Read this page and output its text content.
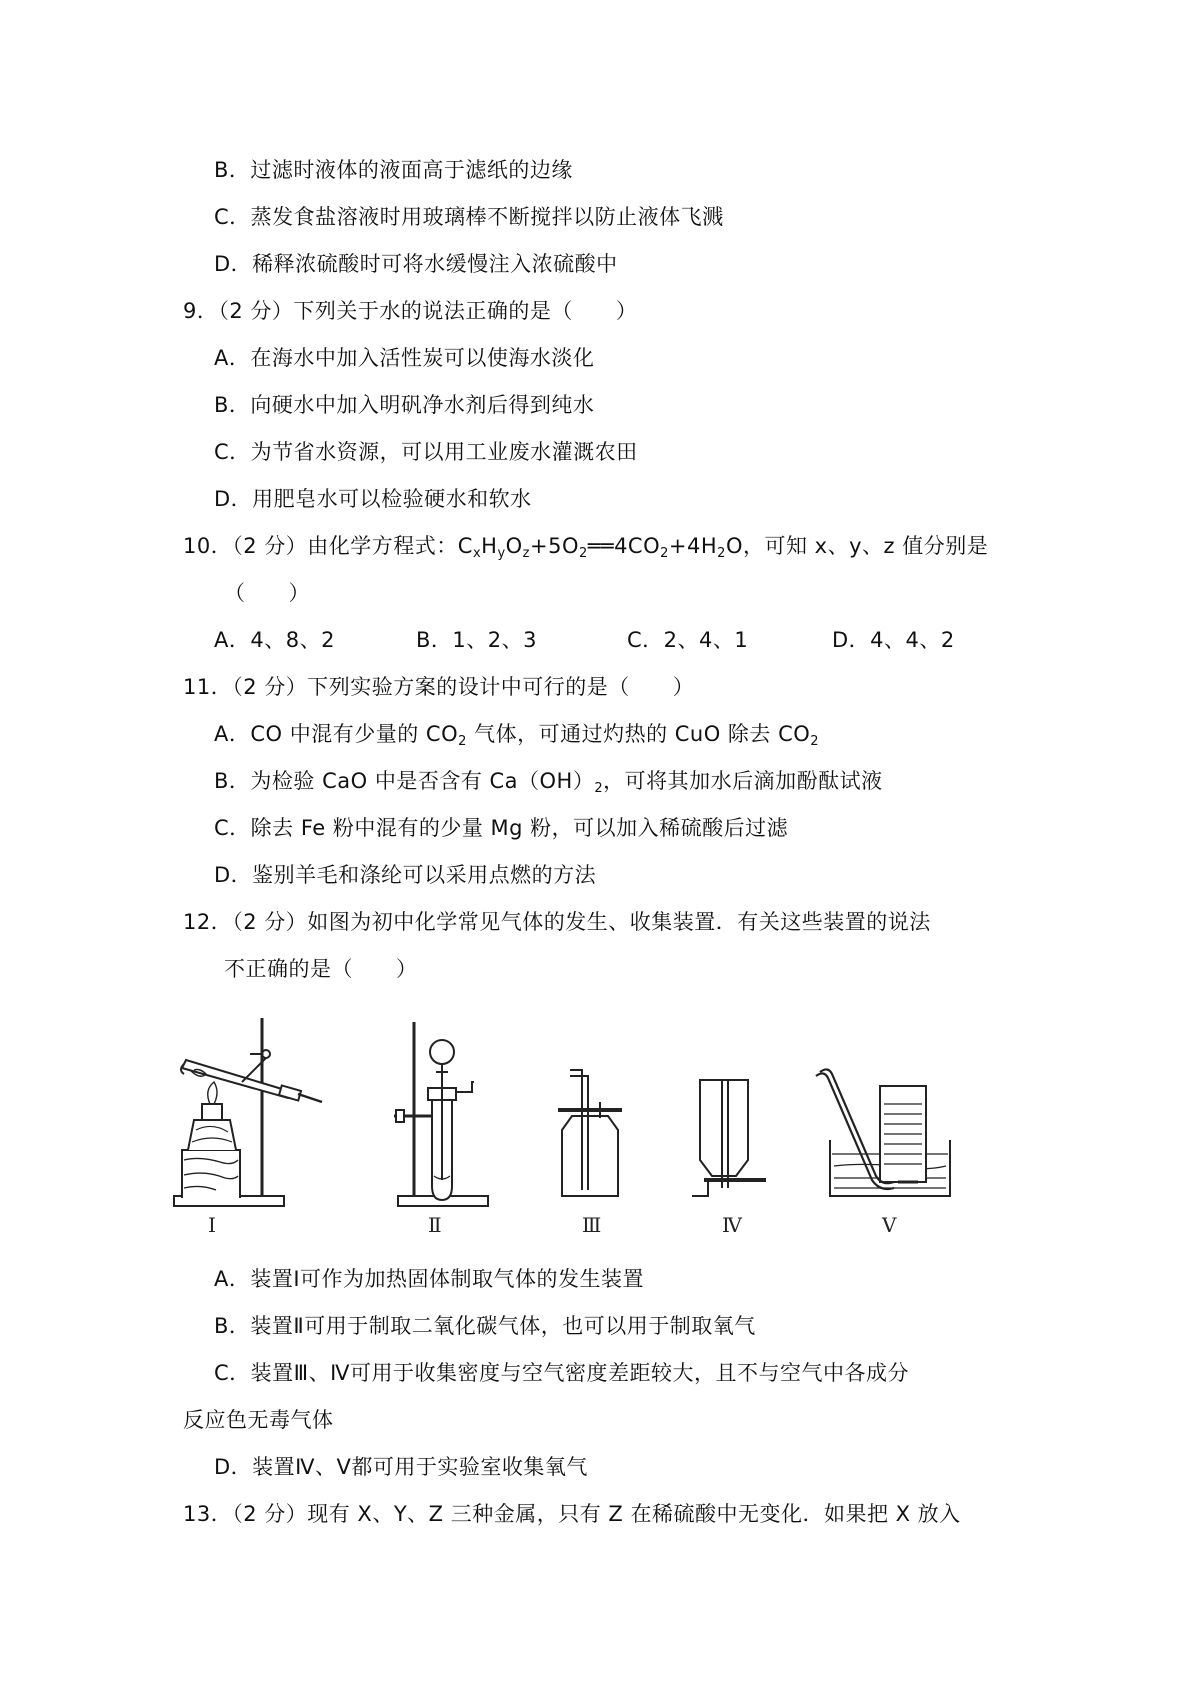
B．过滤时液体的液面高于滤纸的边缘
C．蒸发食盐溶液时用玻璃棒不断搅拌以防止液体飞溅
D．稀释浓硫酸时可将水缓慢注入浓硫酸中
9．（2 分）下列关于水的说法正确的是（　　）
A．在海水中加入活性炭可以使海水淡化
B．向硬水中加入明矾净水剂后得到纯水
C．为节省水资源，可以用工业废水灌溉农田
D．用肥皂水可以检验硬水和软水
10．（2 分）由化学方程式：$C_xH_yO_z+5O_2══4CO_2+4H_2O$，可知 x、y、z 值分别是
（　　）
A．4、8、2	B．1、2、3	C．2、4、1	D．4、4、2
11．（2 分）下列实验方案的设计中可行的是（　　）
A．CO 中混有少量的 $CO_2$ 气体，可通过灼热的 CuO 除去 $CO_2$
B．为检验 CaO 中是否含有 $Ca(OH)_2$，可将其加水后滴加酚酞试液
C．除去 Fe 粉中混有的少量 Mg 粉，可以加入稀硫酸后过滤
D．鉴别羊毛和涤纶可以采用点燃的方法
12．（2 分）如图为初中化学常见气体的发生、收集装置．有关这些装置的说法
不正确的是（　　）
Ⅰ	Ⅱ	Ⅲ	Ⅳ	Ⅴ
A．装置Ⅰ可作为加热固体制取气体的发生装置
B．装置Ⅱ可用于制取二氧化碳气体，也可以用于制取氧气
C．装置Ⅲ、Ⅳ可用于收集密度与空气密度差距较大，且不与空气中各成分
反应色无毒气体
D．装置Ⅳ、Ⅴ都可用于实验室收集氧气
13．（2 分）现有 X、Y、Z 三种金属，只有 Z 在稀硫酸中无变化．如果把 X 放入
